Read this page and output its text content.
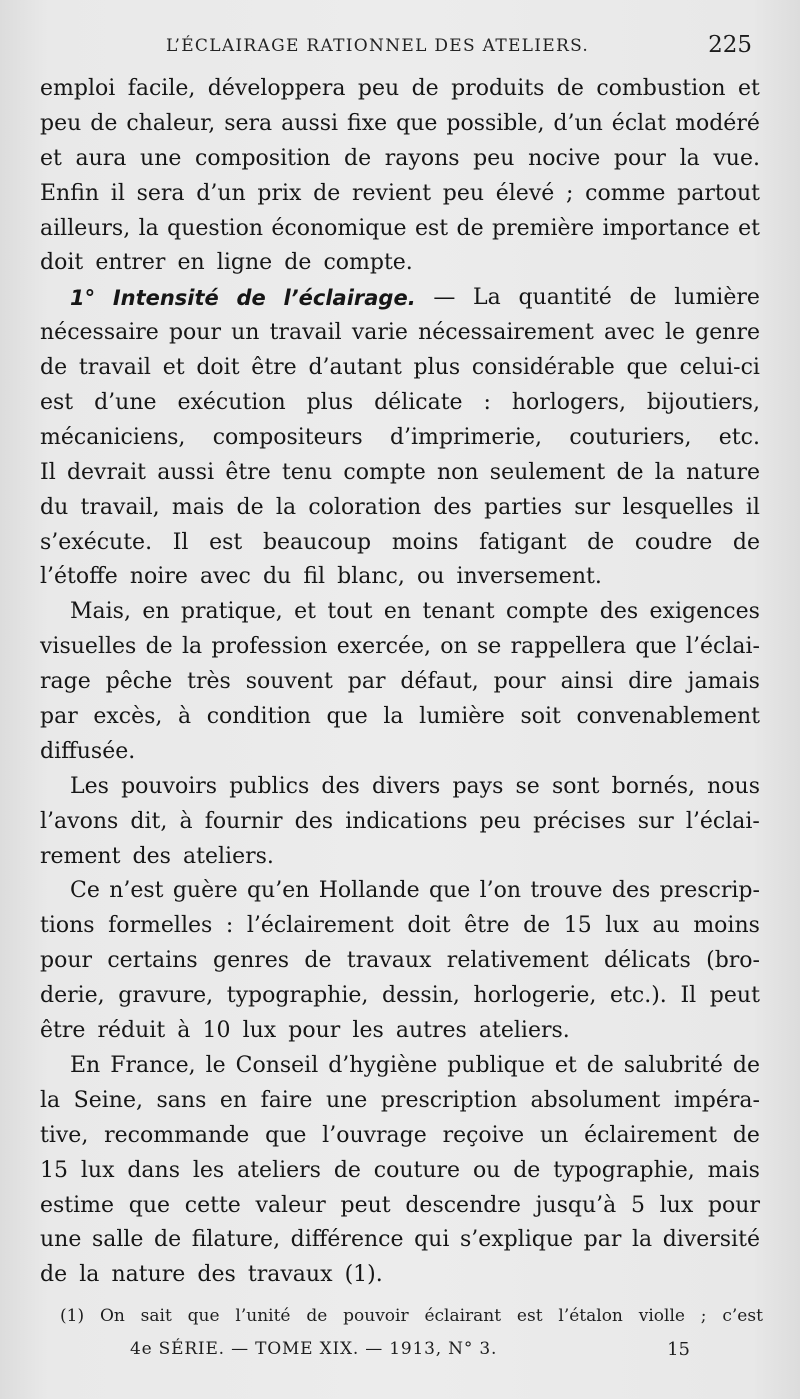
L’ÉCLAIRAGE RATIONNEL DES ATELIERS.	225
emploi facile, développera peu de produits de combustion et
peu de chaleur, sera aussi fixe que possible, d’un éclat modéré
et aura une composition de rayons peu nocive pour la vue.
Enfin il sera d’un prix de revient peu élevé ; comme partout
ailleurs, la question économique est de première importance et
doit entrer en ligne de compte.
1° Intensité de l’éclairage. — La quantité de lumière
nécessaire pour un travail varie nécessairement avec le genre
de travail et doit être d’autant plus considérable que celui-ci
est d’une exécution plus délicate : horlogers, bijoutiers,
mécaniciens, compositeurs d’imprimerie, couturiers, etc.
Il devrait aussi être tenu compte non seulement de la nature
du travail, mais de la coloration des parties sur lesquelles il
s’exécute. Il est beaucoup moins fatigant de coudre de
l’étoffe noire avec du fil blanc, ou inversement.
Mais, en pratique, et tout en tenant compte des exigences
visuelles de la profession exercée, on se rappellera que l’éclai-
rage pêche très souvent par défaut, pour ainsi dire jamais
par excès, à condition que la lumière soit convenablement
diffusée.
Les pouvoirs publics des divers pays se sont bornés, nous
l’avons dit, à fournir des indications peu précises sur l’éclai-
rement des ateliers.
Ce n’est guère qu’en Hollande que l’on trouve des prescrip-
tions formelles : l’éclairement doit être de 15 lux au moins
pour certains genres de travaux relativement délicats (bro-
derie, gravure, typographie, dessin, horlogerie, etc.). Il peut
être réduit à 10 lux pour les autres ateliers.
En France, le Conseil d’hygiène publique et de salubrité de
la Seine, sans en faire une prescription absolument impéra-
tive, recommande que l’ouvrage reçoive un éclairement de
15 lux dans les ateliers de couture ou de typographie, mais
estime que cette valeur peut descendre jusqu’à 5 lux pour
une salle de filature, différence qui s’explique par la diversité
de la nature des travaux (1).
(1) On sait que l’unité de pouvoir éclairant est l’étalon violle ; c’est
4e SÉRIE. — TOME XIX. — 1913, N° 3.	15
